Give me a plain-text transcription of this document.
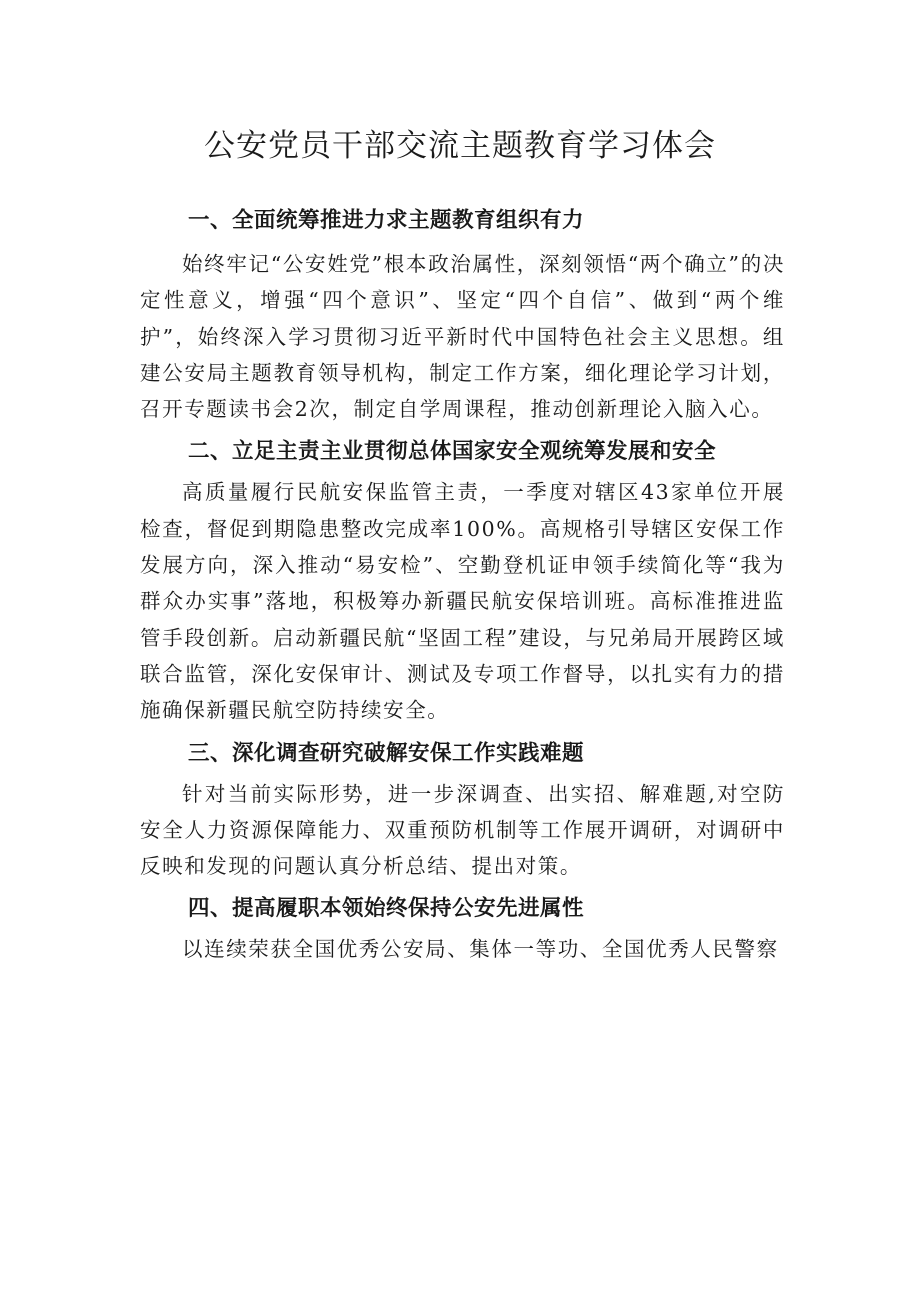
公安党员干部交流主题教育学习体会
一、全面统筹推进力求主题教育组织有力

始终牢记“公安姓党”根本政治属性，深刻领悟“两个确立”的决定性意义，增强“四个意识”、坚定“四个自信”、做到“两个维护”，始终深入学习贯彻习近平新时代中国特色社会主义思想。组建公安局主题教育领导机构，制定工作方案，细化理论学习计划，召开专题读书会2次，制定自学周课程，推动创新理论入脑入心。

二、立足主责主业贯彻总体国家安全观统筹发展和安全

高质量履行民航安保监管主责，一季度对辖区43家单位开展检查，督促到期隐患整改完成率100%。高规格引导辖区安保工作发展方向，深入推动“易安检”、空勤登机证申领手续简化等“我为群众办实事”落地，积极筹办新疆民航安保培训班。高标准推进监管手段创新。启动新疆民航“坚固工程”建设，与兄弟局开展跨区域联合监管，深化安保审计、测试及专项工作督导，以扎实有力的措施确保新疆民航空防持续安全。

三、深化调查研究破解安保工作实践难题

针对当前实际形势，进一步深调查、出实招、解难题,对空防安全人力资源保障能力、双重预防机制等工作展开调研，对调研中反映和发现的问题认真分析总结、提出对策。

四、提高履职本领始终保持公安先进属性

以连续荣获全国优秀公安局、集体一等功、全国优秀人民警察
